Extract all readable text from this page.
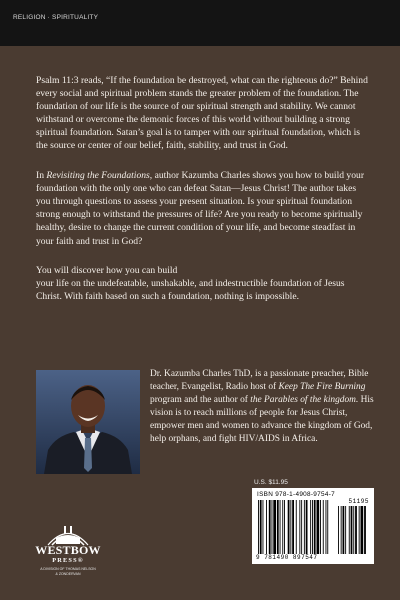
RELIGION · SPIRITUALITY

Psalm 11:3 reads, “If the foundation be destroyed, what can the righteous do?” Behind every social and spiritual problem stands the greater problem of the foundation. The foundation of our life is the source of our spiritual strength and stability. We cannot withstand or overcome the demonic forces of this world without building a strong spiritual foundation. Satan’s goal is to tamper with our spiritual foundation, which is the source or center of our belief, faith, stability, and trust in God.

In Revisiting the Foundations, author Kazumba Charles shows you how to build your foundation with the only one who can defeat Satan—Jesus Christ! The author takes you through questions to assess your present situation. Is your spiritual foundation strong enough to withstand the pressures of life? Are you ready to become spiritually healthy, desire to change the current condition of your life, and become steadfast in your faith and trust in God?

You will discover how you can build
your life on the undefeatable, unshakable, and indestructible foundation of Jesus Christ. With faith based on such a foundation, nothing is impossible.

Dr. Kazumba Charles ThD, is a passionate preacher, Bible teacher, Evangelist, Radio host of Keep The Fire Burning program and the author of the Parables of the kingdom. His vision is to reach millions of people for Jesus Christ, empower men and women to advance the kingdom of God, help orphans, and fight HIV/AIDS in Africa.

U.S. $11.95
ISBN 978-1-4908-9754-7
51195
9 781490 897547
WESTBOW
PRESS®
A DIVISION OF THOMAS NELSON
& ZONDERVAN
